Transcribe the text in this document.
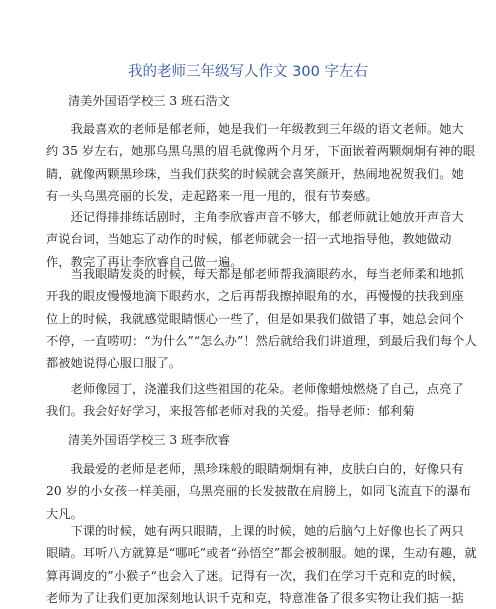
我的老师三年级写人作文 300 字左右
清美外国语学校三 3 班石浩文
　　我最喜欢的老师是郁老师，她是我们一年级教到三年级的语文老师。她大
约 35 岁左右，她那乌黑乌黑的眉毛就像两个月牙，下面嵌着两颗炯炯有神的眼
睛，就像两颗黑珍珠，当我们获奖的时候就会喜笑颜开，热闹地祝贺我们。她
有一头乌黑亮丽的长发，走起路来一甩一甩的，很有节奏感。
　　还记得排排练话剧时，主角李欣睿声音不够大，郁老师就让她放开声音大
声说台词，当她忘了动作的时候，郁老师就会一招一式地指导他，教她做动
作，教完了再让李欣睿自己做一遍。
　　当我眼睛发炎的时候，每天都是郁老师帮我滴眼药水，每当老师柔和地抓
开我的眼皮慢慢地滴下眼药水，之后再帮我擦掉眼角的水，再慢慢的扶我到座
位上的时候，我就感觉眼睛惬心一些了，但是如果我们做错了事，她总会问个
不停，一直唠叨：“为什么”“怎么办”！然后就给我们讲道理，到最后我们每个人
都被她说得心服口服了。
　　老师像园丁，浇灌我们这些祖国的花朵。老师像蜡烛燃烧了自己，点亮了
我们。我会好好学习，来报答郁老师对我的关爱。指导老师：郁利菊
清美外国语学校三 3 班李欣睿
　　我最爱的老师是老师，黑珍珠般的眼睛炯炯有神，皮肤白白的，好像只有
20 岁的小女孩一样美丽，乌黑亮丽的长发披散在肩膀上，如同飞流直下的瀑布
大凡。
　　下课的时候，她有两只眼睛，上课的时候，她的后脑勺上好像也长了两只
眼睛。耳听八方就算是“哪吒”或者“孙悟空”都会被制服。她的课，生动有趣，就
算再调皮的”小猴子“也会入了迷。记得有一次，我们在学习千克和克的时候，
老师为了让我们更加深刻地认识千克和克，特意准备了很多实物让我们掂一掂
